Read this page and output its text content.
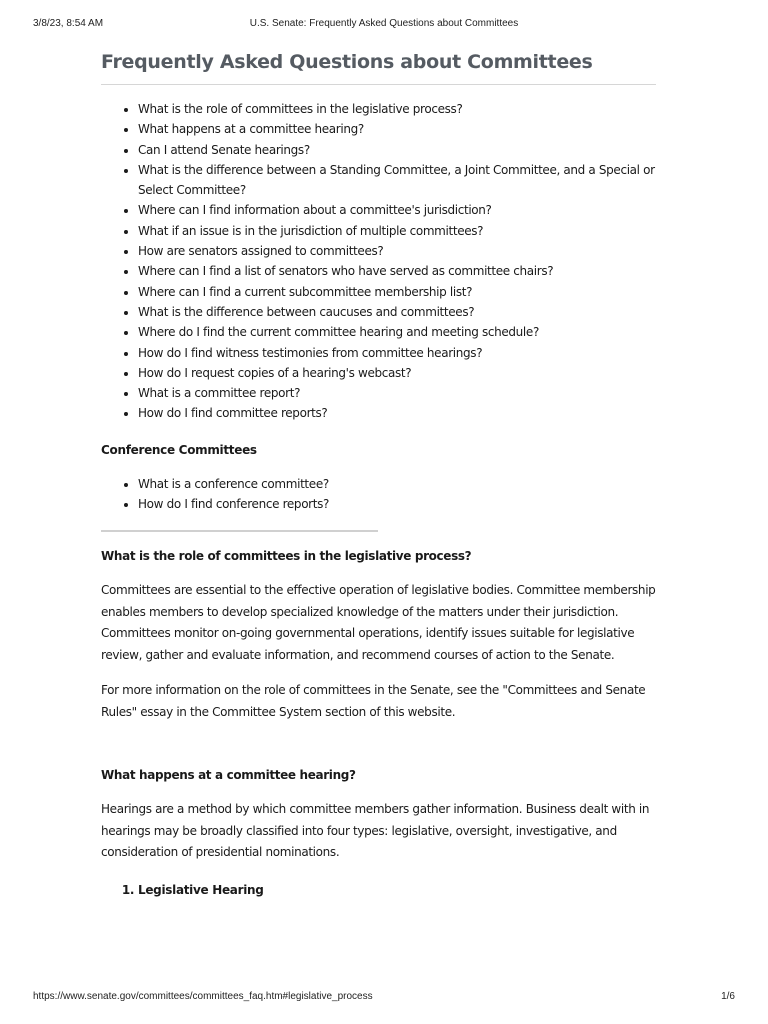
3/8/23, 8:54 AM	U.S. Senate: Frequently Asked Questions about Committees
Frequently Asked Questions about Committees
• What is the role of committees in the legislative process?
• What happens at a committee hearing?
• Can I attend Senate hearings?
• What is the difference between a Standing Committee, a Joint Committee, and a Special or Select Committee?
• Where can I find information about a committee's jurisdiction?
• What if an issue is in the jurisdiction of multiple committees?
• How are senators assigned to committees?
• Where can I find a list of senators who have served as committee chairs?
• Where can I find a current subcommittee membership list?
• What is the difference between caucuses and committees?
• Where do I find the current committee hearing and meeting schedule?
• How do I find witness testimonies from committee hearings?
• How do I request copies of a hearing's webcast?
• What is a committee report?
• How do I find committee reports?
Conference Committees
• What is a conference committee?
• How do I find conference reports?
What is the role of committees in the legislative process?

Committees are essential to the effective operation of legislative bodies. Committee membership enables members to develop specialized knowledge of the matters under their jurisdiction. Committees monitor on-going governmental operations, identify issues suitable for legislative review, gather and evaluate information, and recommend courses of action to the Senate.

For more information on the role of committees in the Senate, see the "Committees and Senate Rules" essay in the Committee System section of this website.

What happens at a committee hearing?

Hearings are a method by which committee members gather information. Business dealt with in hearings may be broadly classified into four types: legislative, oversight, investigative, and consideration of presidential nominations.

1. Legislative Hearing
https://www.senate.gov/committees/committees_faq.htm#legislative_process	1/6
